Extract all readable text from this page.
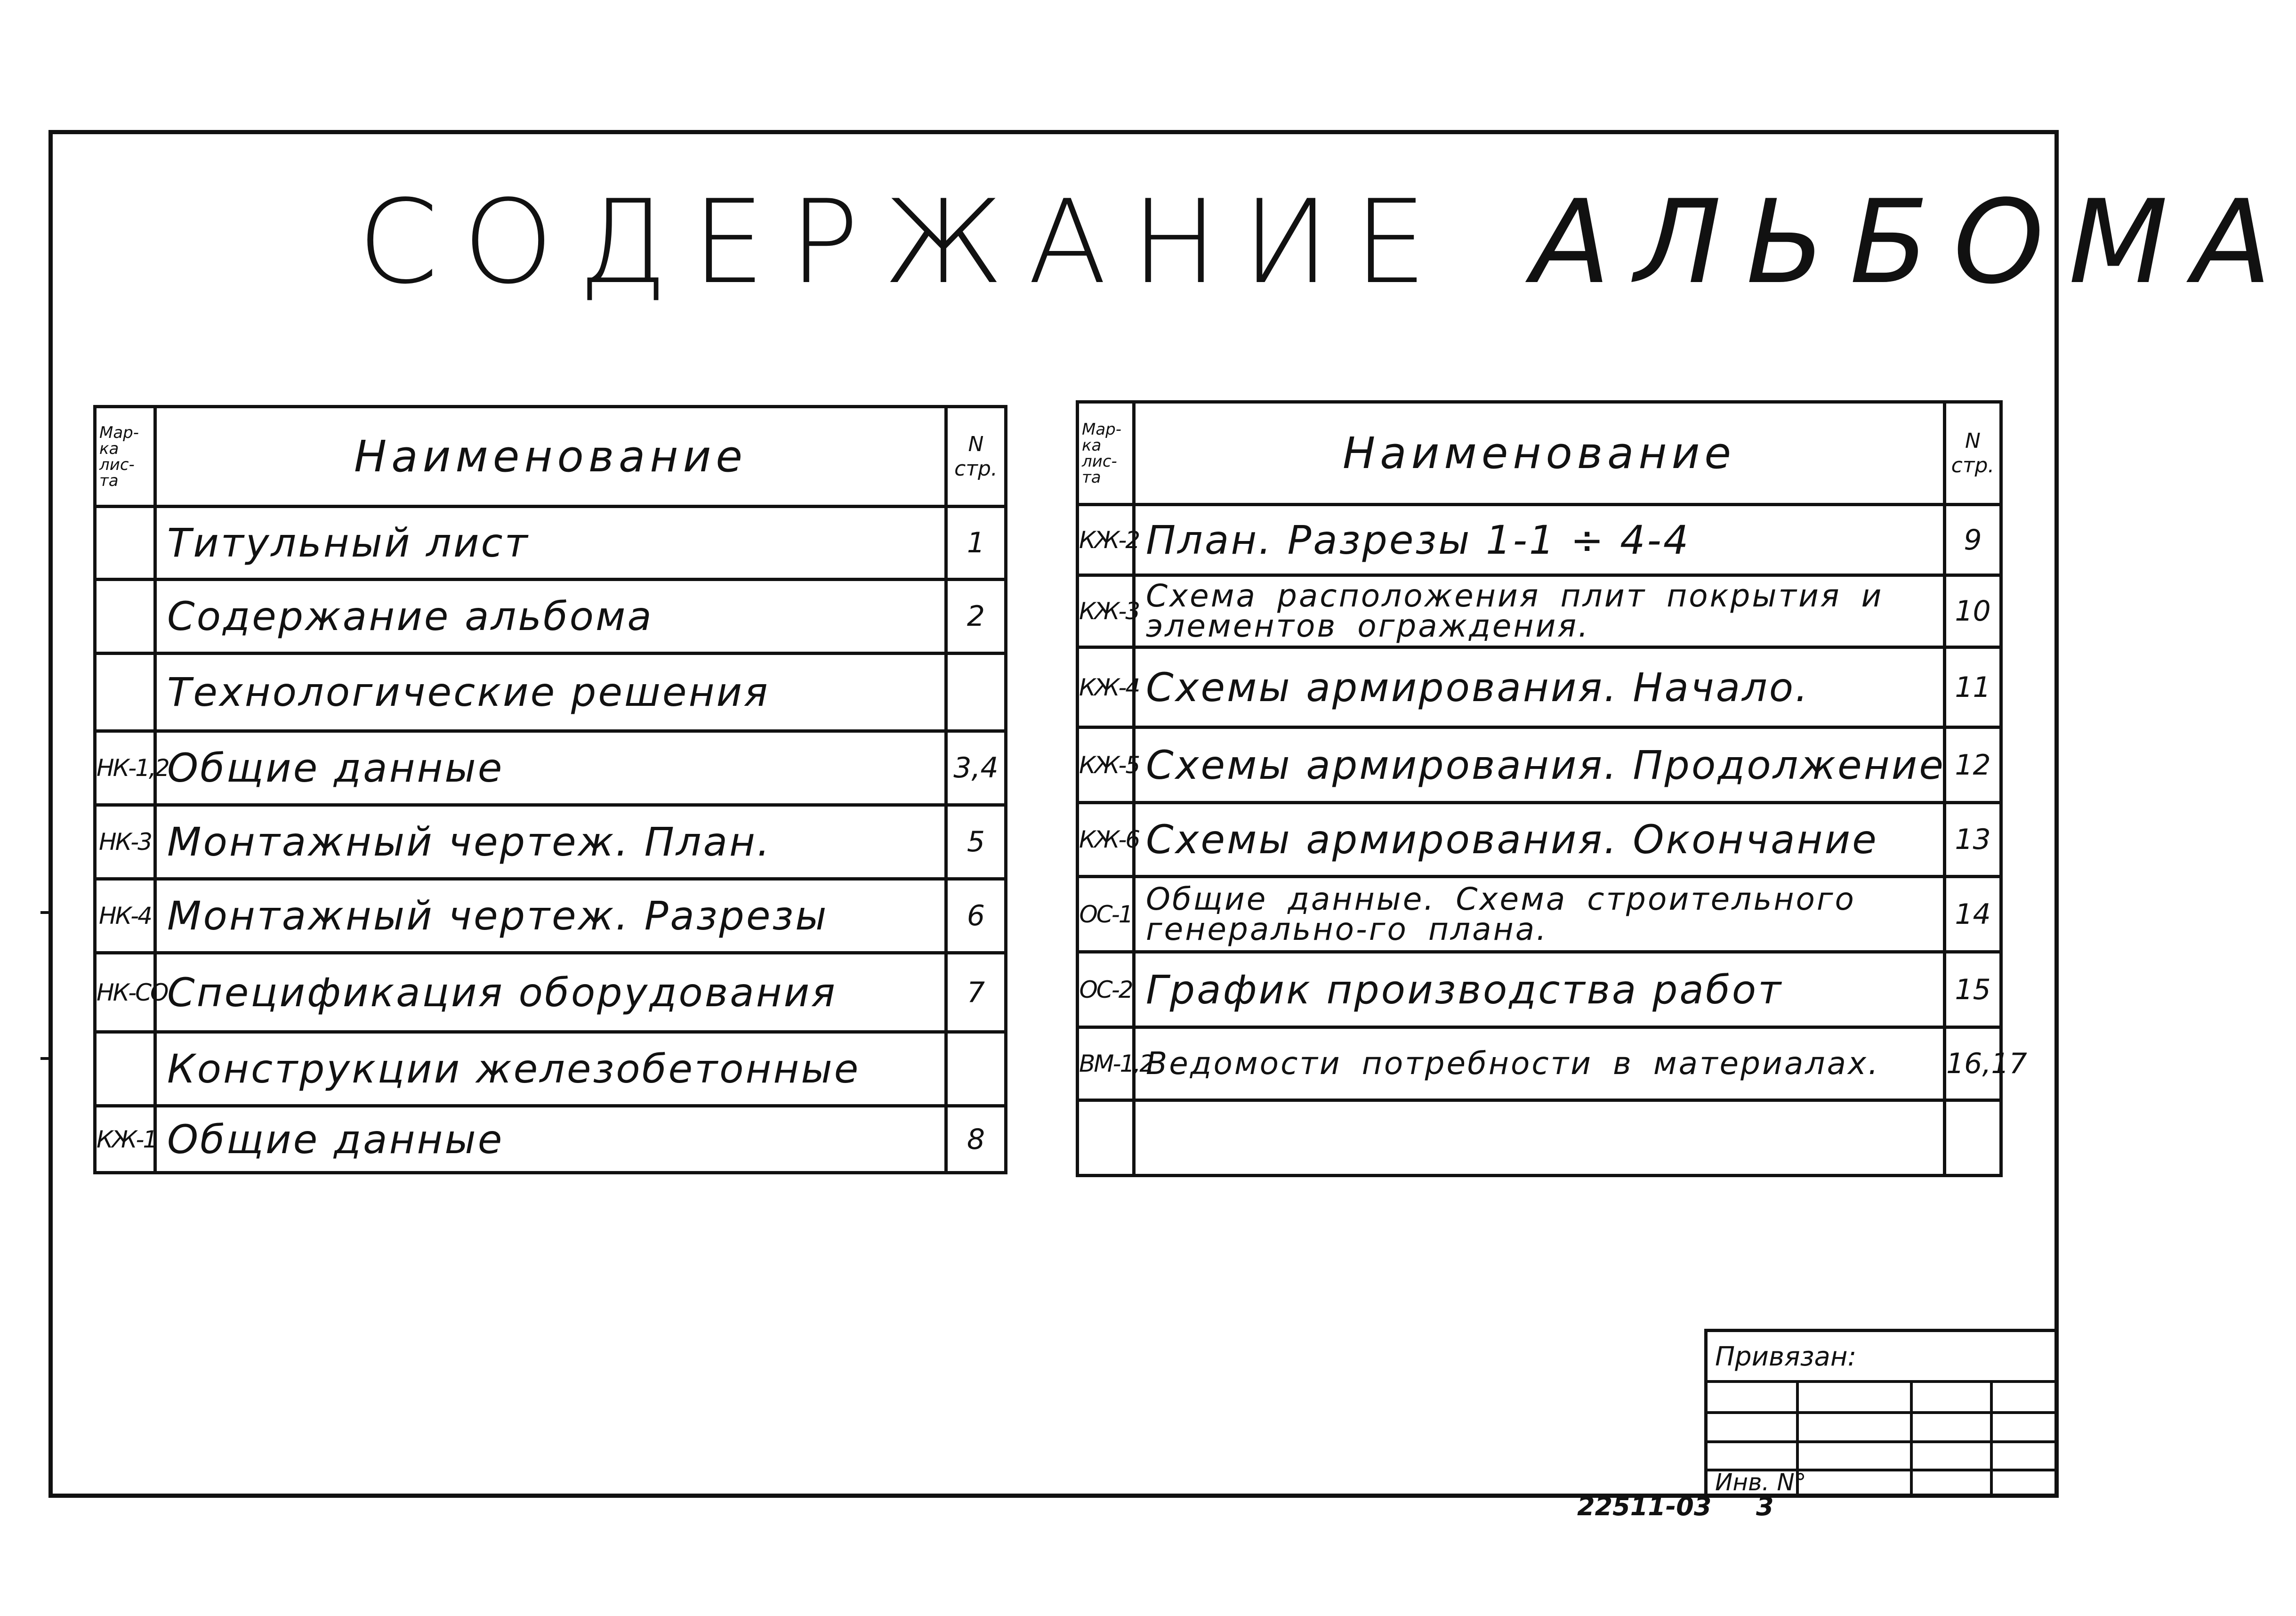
СОДЕРЖАНИЕ АЛЬБОМА
Мар-ка лис-та	Наименование	N стр.
	Титульный лист	1
	Содержание альбома	2
	Технологические решения	
НК-1,2	Общие данные	3,4
НК-3	Монтажный чертеж. План.	5
НК-4	Монтажный чертеж. Разрезы	6
НК-СО	Спецификация оборудования	7
	Конструкции железобетонные	
КЖ-1	Общие данные	8
Мар-ка лис-та	Наименование	N стр.
КЖ-2	План. Разрезы 1-1 ÷ 4-4	9
КЖ-3	Схема расположения плит покрытия и элементов ограждения.	10
КЖ-4	Схемы армирования. Начало.	11
КЖ-5	Схемы армирования. Продолжение	12
КЖ-6	Схемы армирования. Окончание	13
ОС-1	Общие данные. Схема строительного генерально-го плана.	14
ОС-2	График производства работ	15
ВМ-1,2	Ведомости потребности в материалах.	16,17

Привязан:
Инв. N°
22511-03 3
